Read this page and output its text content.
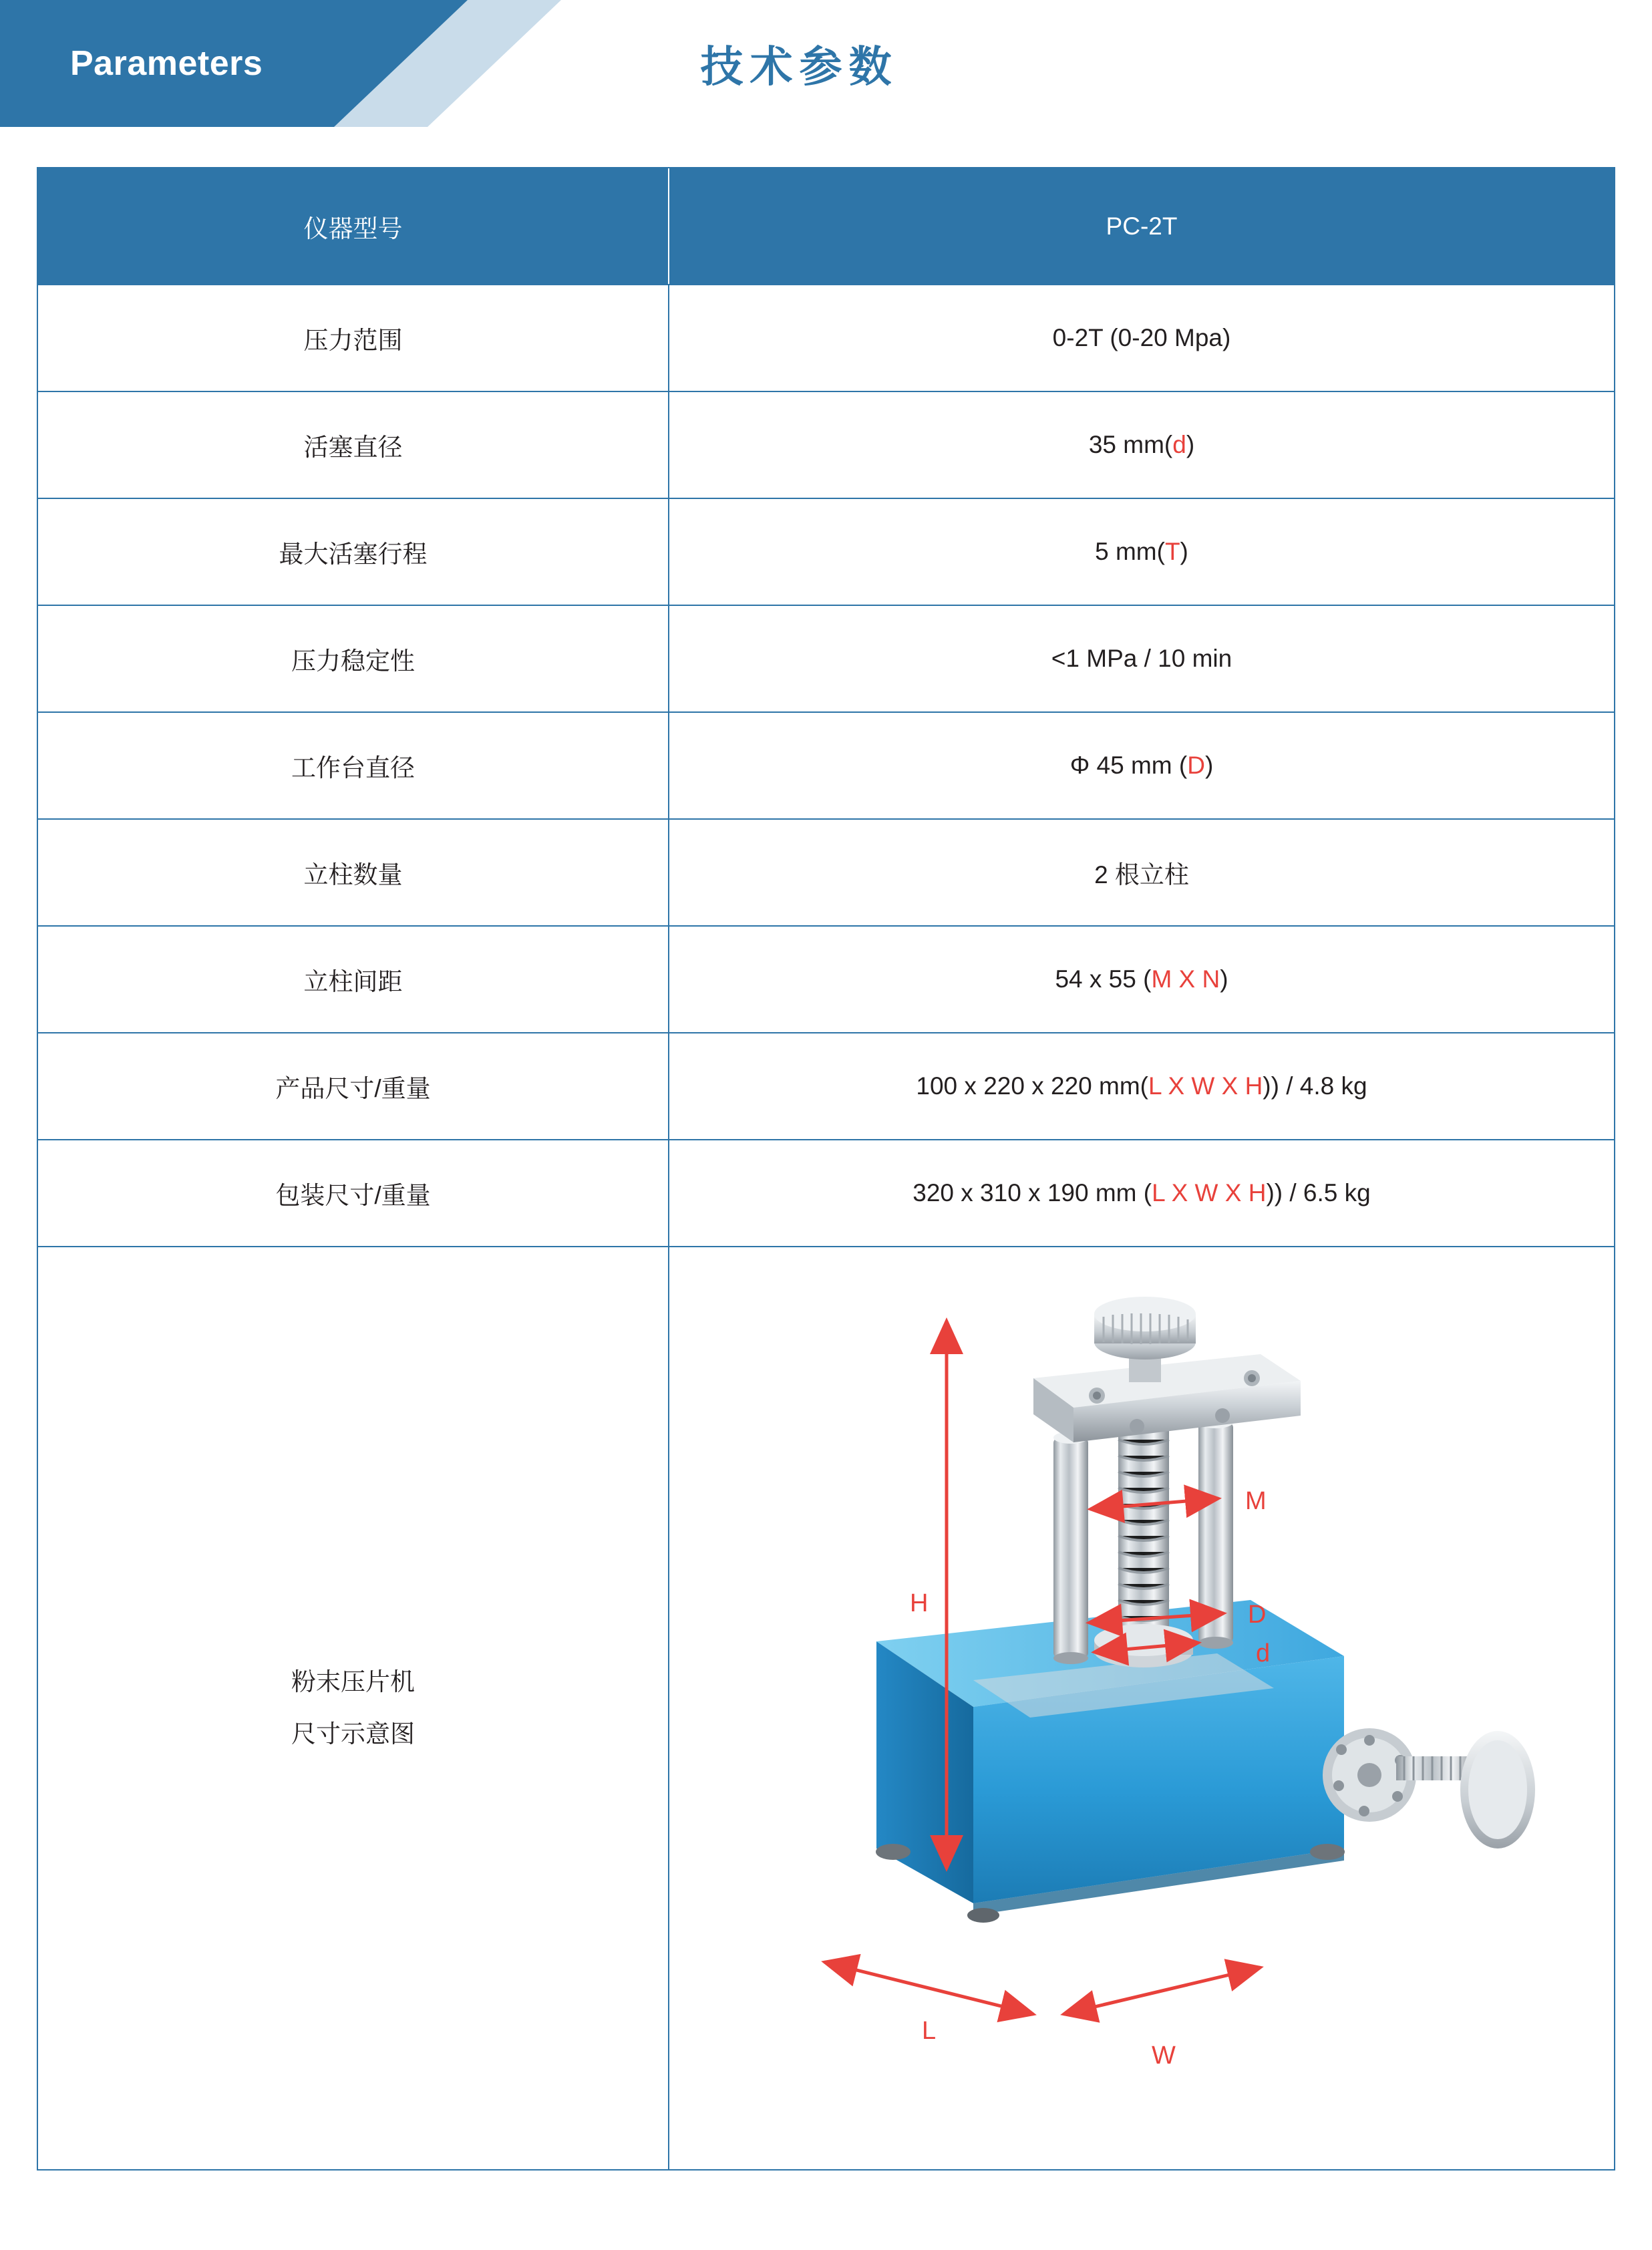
Parameters	技术参数
仪器型号	PC-2T
压力范围	0-2T (0-20 Mpa)
活塞直径	35 mm( d )
最大活塞行程	5 mm( T )
压力稳定性	<1 MPa / 10 min
工作台直径	Φ 45 mm ( D )
立柱数量	2 根立柱
立柱间距	54 x 55 ( M X N )
产品尺寸/重量	100 x 220 x 220 mm( L X W X H )) / 4.8 kg
包装尺寸/重量	320 x 310 x 190 mm ( L X W X H )) / 6.5 kg
粉末压片机
尺寸示意图
H
M
D
d
L
W
